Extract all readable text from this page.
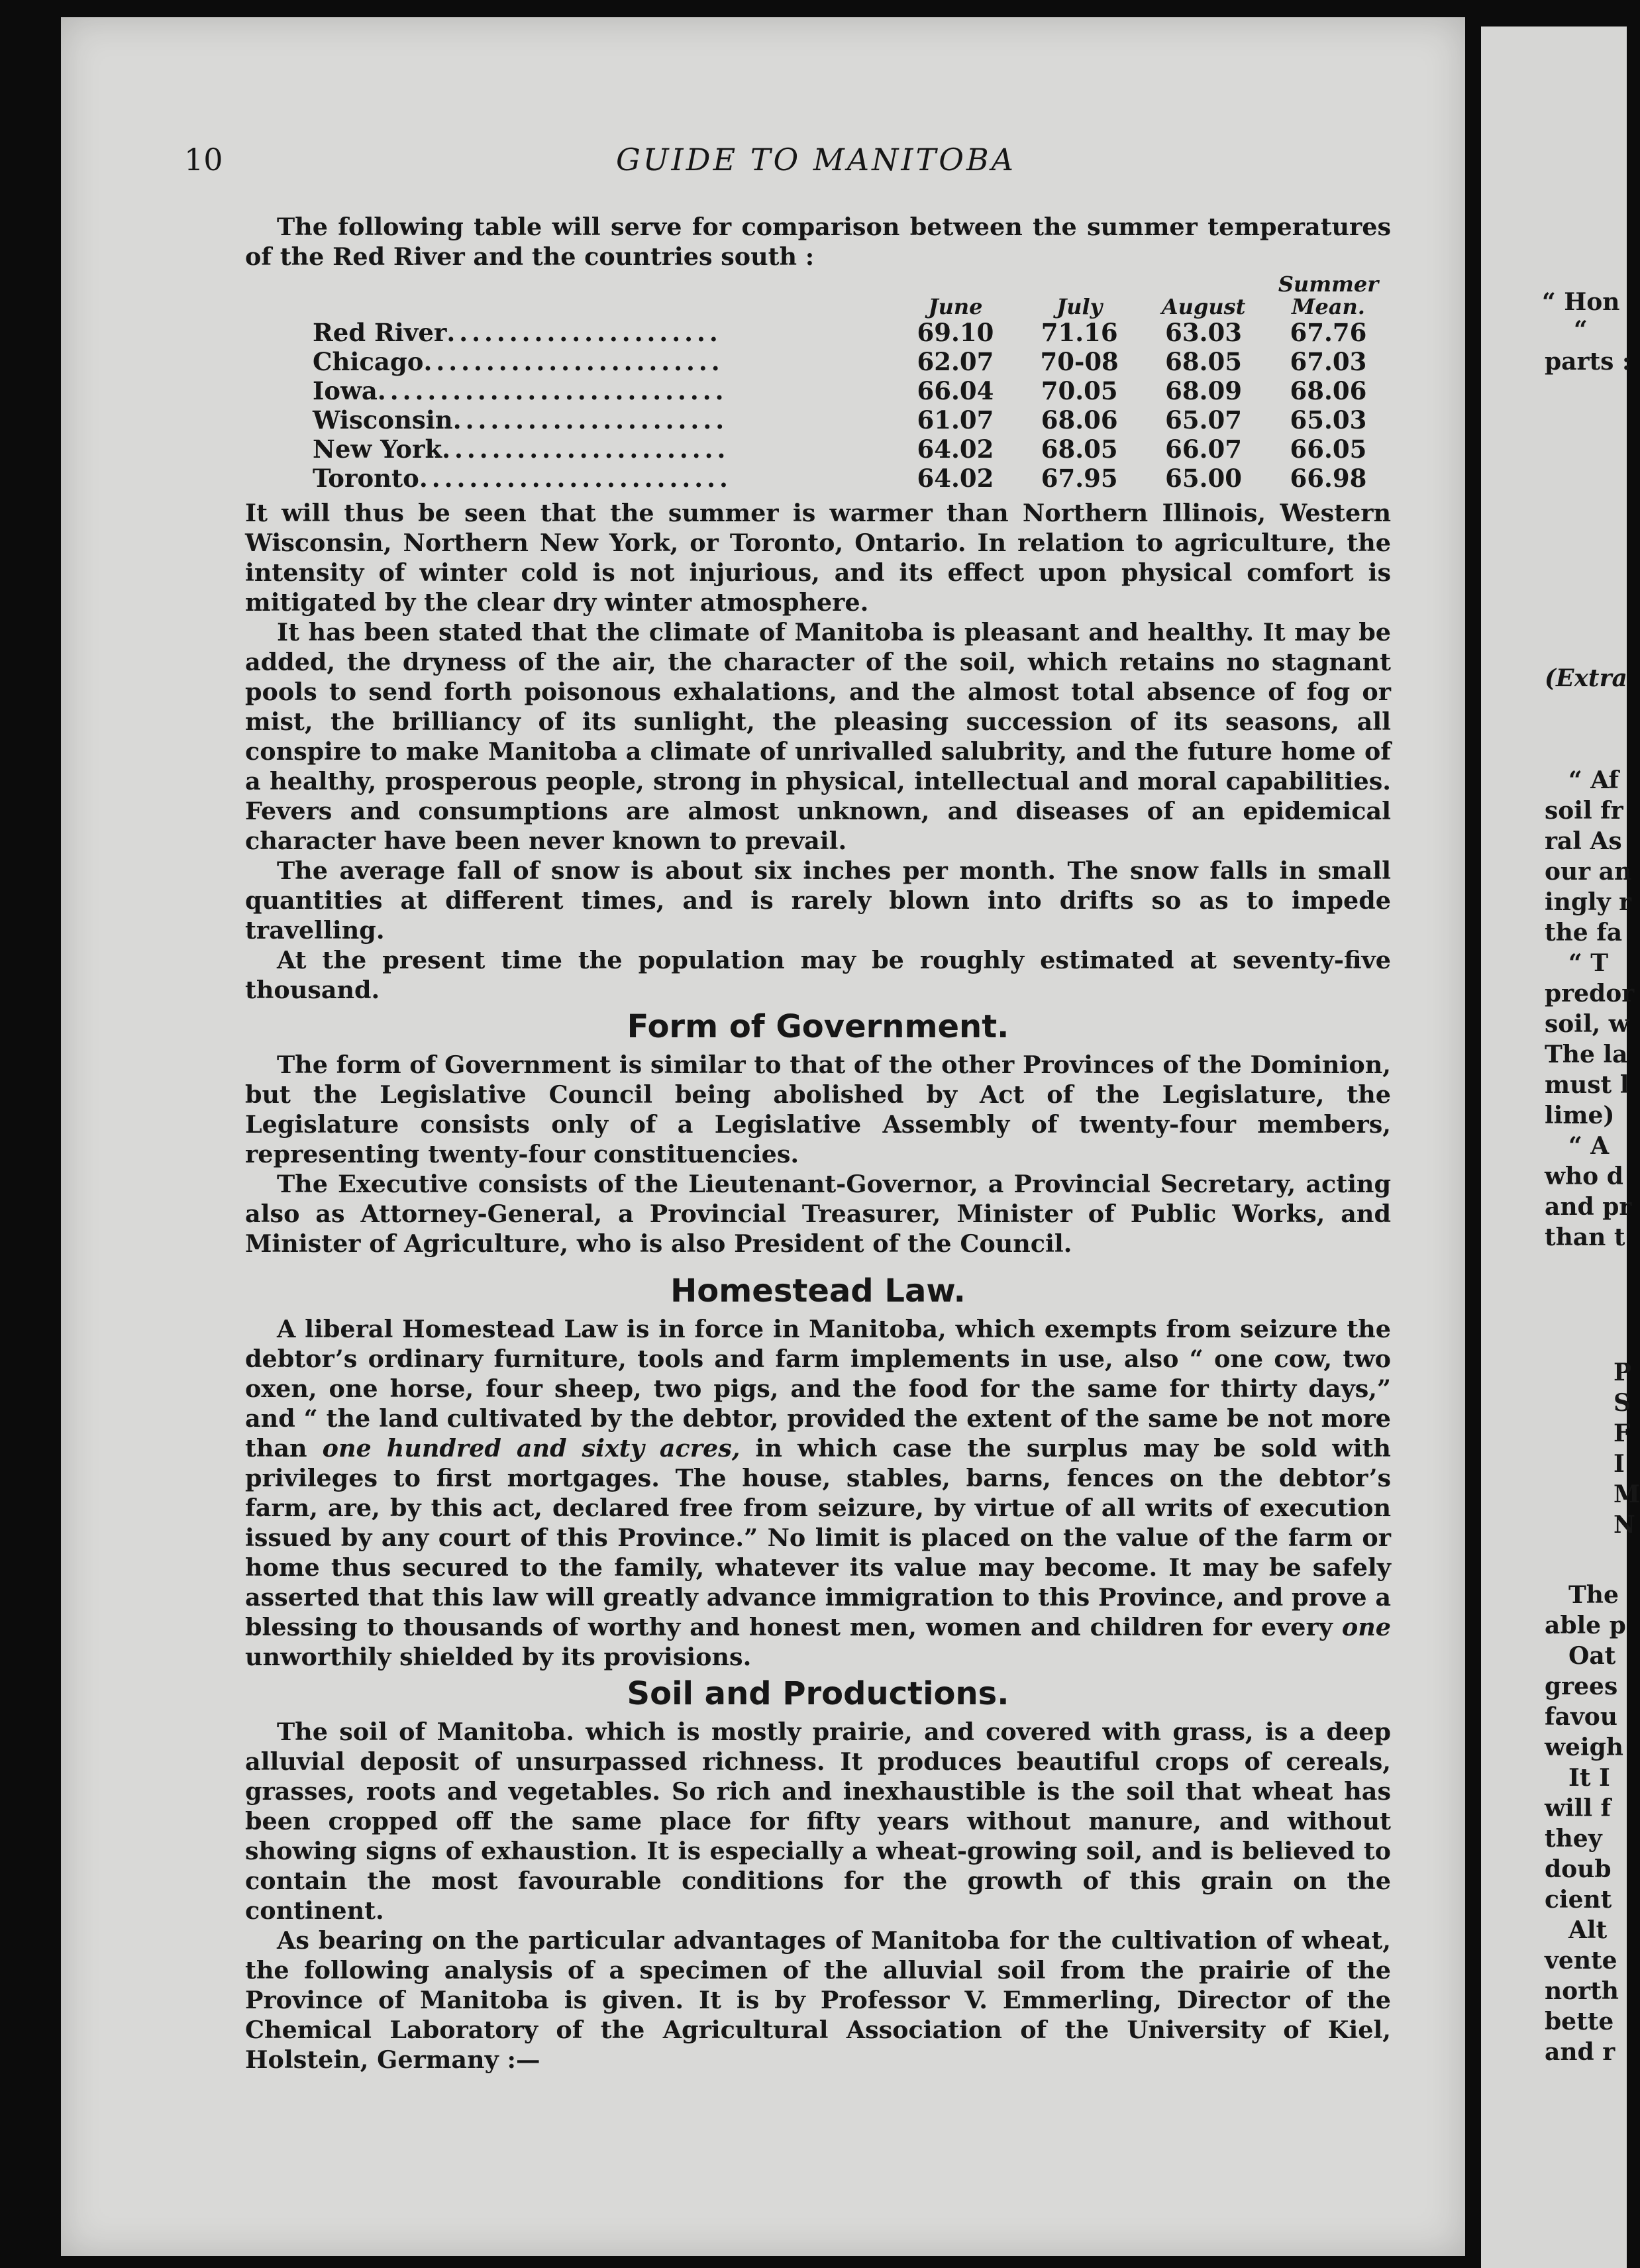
10	GUIDE TO MANITOBA

The following table will serve for comparison between the summer temperatures of the Red River and the countries south :

	June	July	August	Summer Mean.
Red River......................	69.10	71.16	63.03	67.76
Chicago........................	62.07	70-08	68.05	67.03
Iowa............................	66.04	70.05	68.09	68.06
Wisconsin......................	61.07	68.06	65.07	65.03
New York.......................	64.02	68.05	66.07	66.05
Toronto.........................	64.02	67.95	65.00	66.98

It will thus be seen that the summer is warmer than Northern Illinois, Western Wisconsin, Northern New York, or Toronto, Ontario. In relation to agriculture, the intensity of winter cold is not injurious, and its effect upon physical comfort is mitigated by the clear dry winter atmosphere.

It has been stated that the climate of Manitoba is pleasant and healthy. It may be added, the dryness of the air, the character of the soil, which retains no stagnant pools to send forth poisonous exhalations, and the almost total absence of fog or mist, the brilliancy of its sunlight, the pleasing succession of its seasons, all conspire to make Manitoba a climate of unrivalled salubrity, and the future home of a healthy, prosperous people, strong in physical, intellectual and moral capabilities. Fevers and consumptions are almost unknown, and diseases of an epidemical character have been never known to prevail.

The average fall of snow is about six inches per month. The snow falls in small quantities at different times, and is rarely blown into drifts so as to impede travelling.

At the present time the population may be roughly estimated at seventy-five thousand.

Form of Government.

The form of Government is similar to that of the other Provinces of the Dominion, but the Legislative Council being abolished by Act of the Legislature, the Legislature consists only of a Legislative Assembly of twenty-four members, representing twenty-four constituencies.

The Executive consists of the Lieutenant-Governor, a Provincial Secretary, acting also as Attorney-General, a Provincial Treasurer, Minister of Public Works, and Minister of Agriculture, who is also President of the Council.

Homestead Law.

A liberal Homestead Law is in force in Manitoba, which exempts from seizure the debtor’s ordinary furniture, tools and farm implements in use, also “ one cow, two oxen, one horse, four sheep, two pigs, and the food for the same for thirty days,” and “ the land cultivated by the debtor, provided the extent of the same be not more than one hundred and sixty acres, in which case the surplus may be sold with privileges to first mortgages. The house, stables, barns, fences on the debtor’s farm, are, by this act, declared free from seizure, by virtue of all writs of execution issued by any court of this Province.” No limit is placed on the value of the farm or home thus secured to the family, whatever its value may become. It may be safely asserted that this law will greatly advance immigration to this Province, and prove a blessing to thousands of worthy and honest men, women and children for every one unworthily shielded by its provisions.

Soil and Productions.

The soil of Manitoba. which is mostly prairie, and covered with grass, is a deep alluvial deposit of unsurpassed richness. It produces beautiful crops of cereals, grasses, roots and vegetables. So rich and inexhaustible is the soil that wheat has been cropped off the same place for fifty years without manure, and without showing signs of exhaustion. It is especially a wheat-growing soil, and is believed to contain the most favourable conditions for the growth of this grain on the continent.

As bearing on the particular advantages of Manitoba for the cultivation of wheat, the following analysis of a specimen of the alluvial soil from the prairie of the Province of Manitoba is given. It is by Professor V. Emmerling, Director of the Chemical Laboratory of the Agricultural Association of the University of Kiel, Holstein, Germany :—

“ Hon
“
parts :
(Extra
“ Af
soil fr
ral As
our an
ingly r
the fa
“ T
predor
soil, w
The la
must l
lime)
“ A
who d
and pr
than t
P
S
F
I
M
N
The
able p
Oat
grees
favou
weigh
It I
will f
they
doub
cient
Alt
vente
north
bette
and r
